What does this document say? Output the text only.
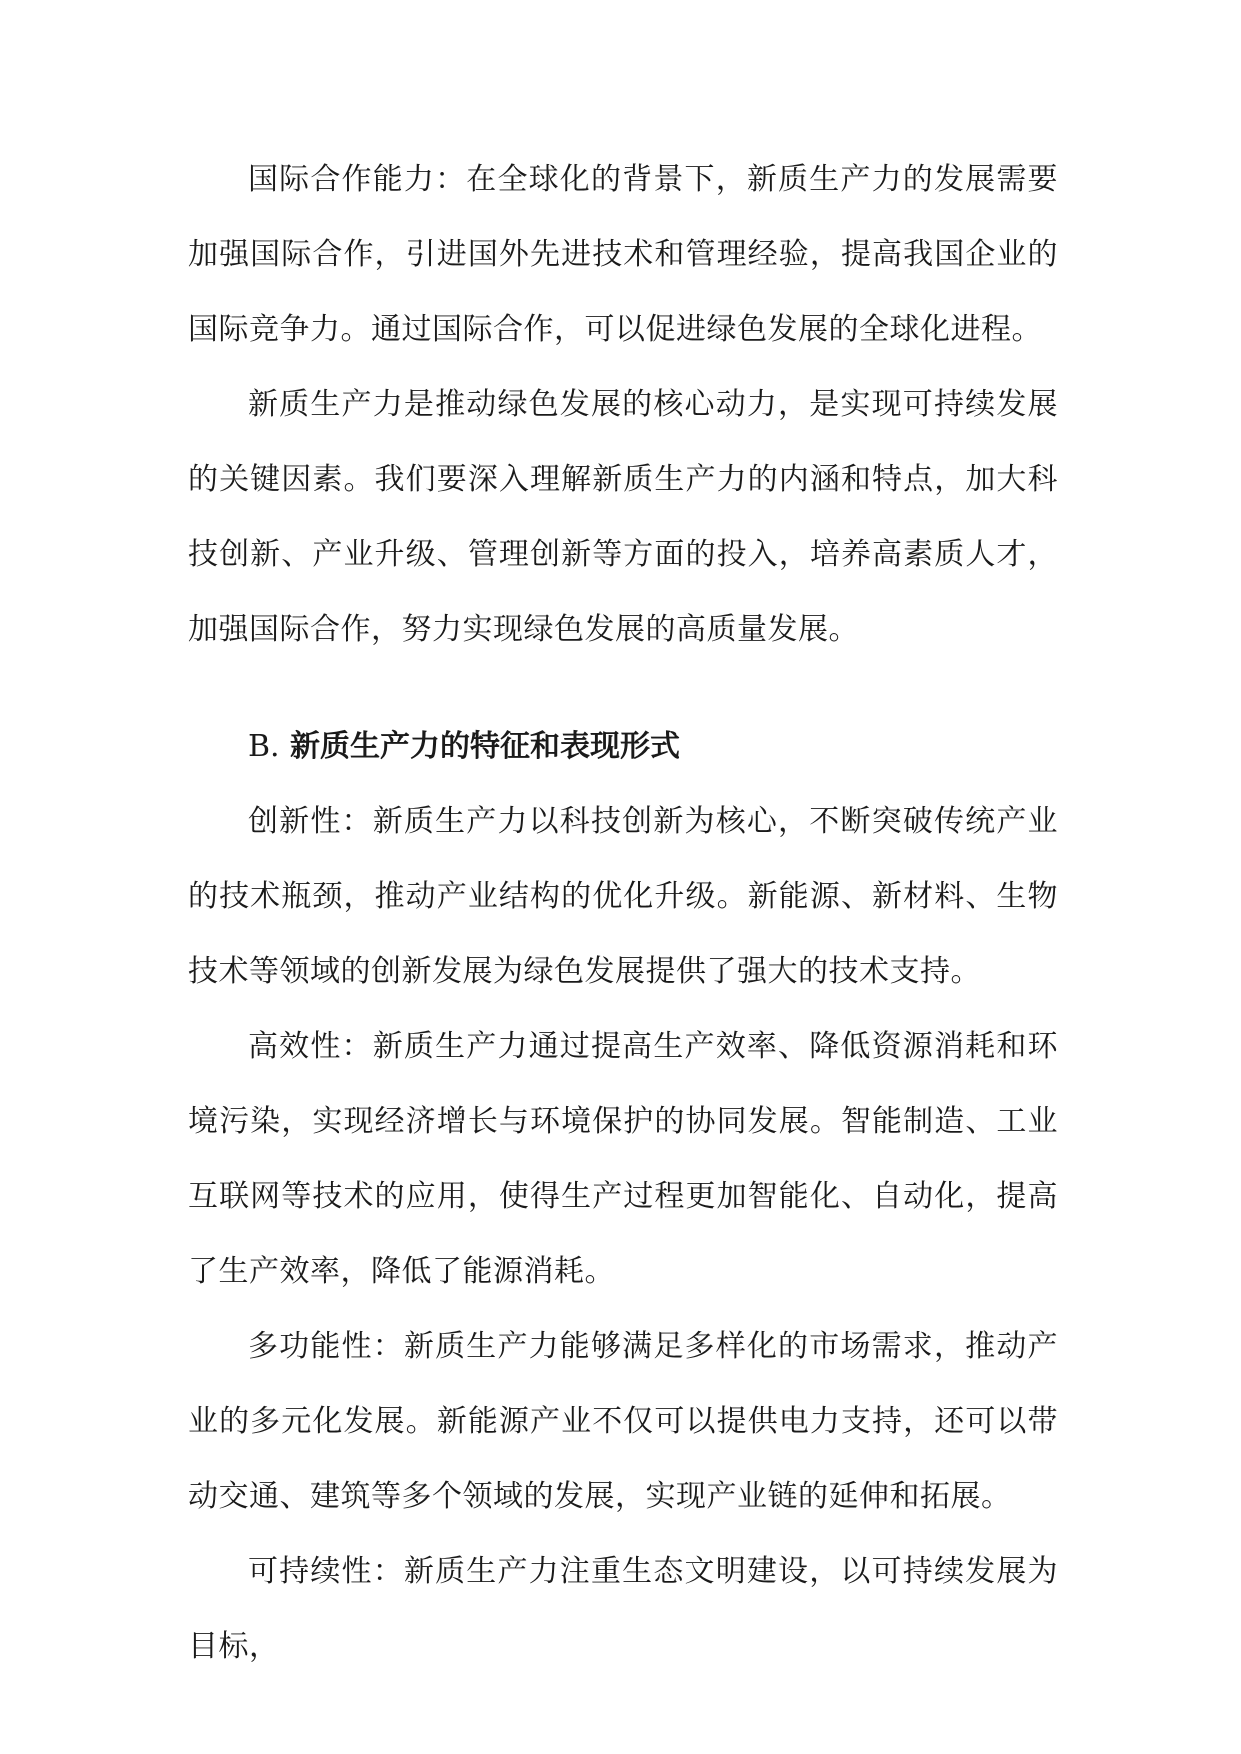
国际合作能力：在全球化的背景下，新质生产力的发展需要加强国际合作，引进国外先进技术和管理经验，提高我国企业的国际竞争力。通过国际合作，可以促进绿色发展的全球化进程。

新质生产力是推动绿色发展的核心动力，是实现可持续发展的关键因素。我们要深入理解新质生产力的内涵和特点，加大科技创新、产业升级、管理创新等方面的投入，培养高素质人才，加强国际合作，努力实现绿色发展的高质量发展。

B. 新质生产力的特征和表现形式

创新性：新质生产力以科技创新为核心，不断突破传统产业的技术瓶颈，推动产业结构的优化升级。新能源、新材料、生物技术等领域的创新发展为绿色发展提供了强大的技术支持。

高效性：新质生产力通过提高生产效率、降低资源消耗和环境污染，实现经济增长与环境保护的协同发展。智能制造、工业互联网等技术的应用，使得生产过程更加智能化、自动化，提高了生产效率，降低了能源消耗。

多功能性：新质生产力能够满足多样化的市场需求，推动产业的多元化发展。新能源产业不仅可以提供电力支持，还可以带动交通、建筑等多个领域的发展，实现产业链的延伸和拓展。

可持续性：新质生产力注重生态文明建设，以可持续发展为目标，
